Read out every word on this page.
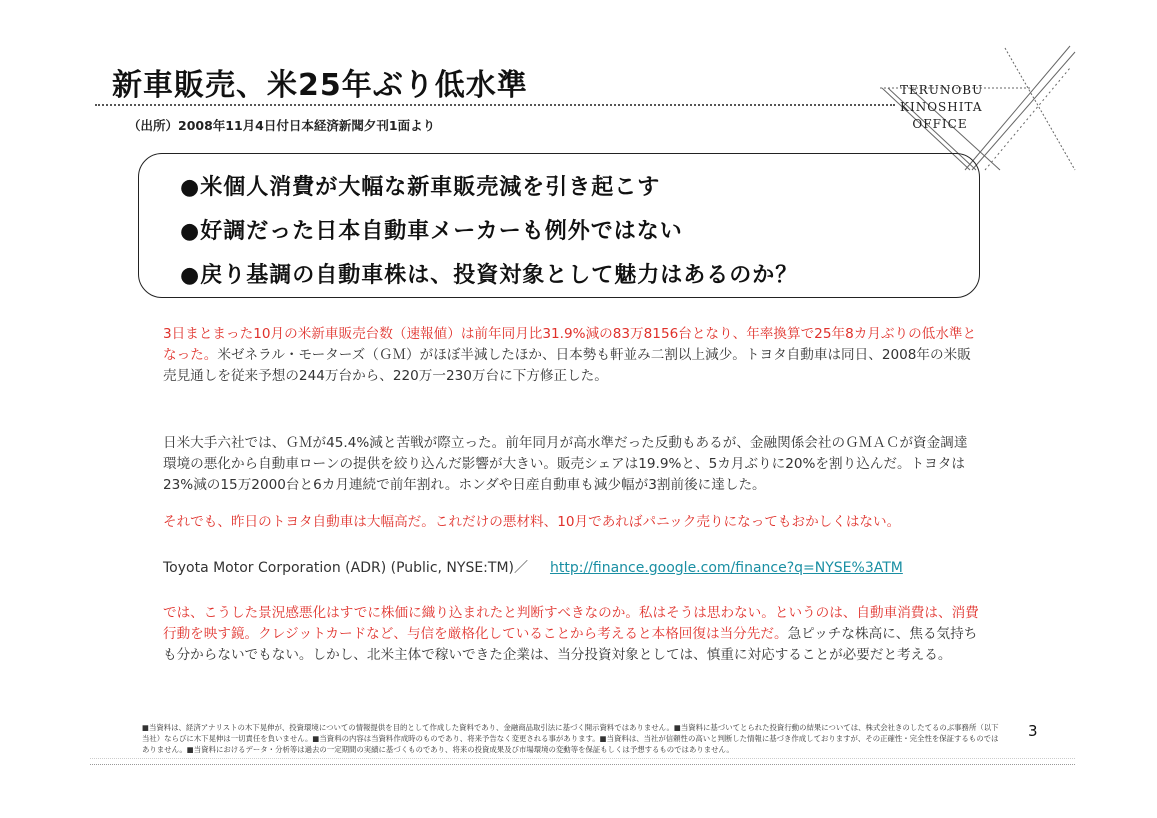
新車販売、米25年ぶり低水準
（出所）2008年11月4日付日本経済新聞夕刊1面より
TERUNOBU
KINOSHITA
OFFICE
●米個人消費が大幅な新車販売減を引き起こす
●好調だった日本自動車メーカーも例外ではない
●戻り基調の自動車株は、投資対象として魅力はあるのか？
3日まとまった10月の米新車販売台数（速報値）は前年同月比31.9%減の83万8156台となり、年率換算で25年8カ月ぶりの低水準となった。米ゼネラル・モーターズ（ＧＭ）がほぼ半減したほか、日本勢も軒並み二割以上減少。トヨタ自動車は同日、2008年の米販売見通しを従来予想の244万台から、220万一230万台に下方修正した。
日米大手六社では、ＧＭが45.4%減と苦戦が際立った。前年同月が高水準だった反動もあるが、金融関係会社のＧＭＡＣが資金調達環境の悪化から自動車ローンの提供を絞り込んだ影響が大きい。販売シェアは19.9%と、5カ月ぶりに20%を割り込んだ。トヨタは23%減の15万2000台と6カ月連続で前年割れ。ホンダや日産自動車も減少幅が3割前後に達した。
それでも、昨日のトヨタ自動車は大幅高だ。これだけの悪材料、10月であればパニック売りになってもおかしくはない。
Toyota Motor Corporation (ADR) (Public, NYSE:TM)／ http://finance.google.com/finance?q=NYSE%3ATM
では、こうした景況感悪化はすでに株価に織り込まれたと判断すべきなのか。私はそうは思わない。というのは、自動車消費は、消費行動を映す鏡。クレジットカードなど、与信を厳格化していることから考えると本格回復は当分先だ。急ピッチな株高に、焦る気持ちも分からないでもない。しかし、北米主体で稼いできた企業は、当分投資対象としては、慎重に対応することが必要だと考える。
■当資料は、経済アナリストの木下晃伸が、投資環境についての情報提供を目的として作成した資料であり、金融商品取引法に基づく開示資料ではありません。■当資料に基づいてとられた投資行動の結果については、株式会社きのしたてるのぶ事務所（以下当社）ならびに木下晃伸は一切責任を負いません。■当資料の内容は当資料作成時のものであり、将来予告なく変更される事があります。■当資料は、当社が信頼性の高いと判断した情報に基づき作成しておりますが、その正確性・完全性を保証するものではありません。■当資料におけるデータ・分析等は過去の一定期間の実績に基づくものであり、将来の投資成果及び市場環境の変動等を保証もしくは予想するものではありません。
3
